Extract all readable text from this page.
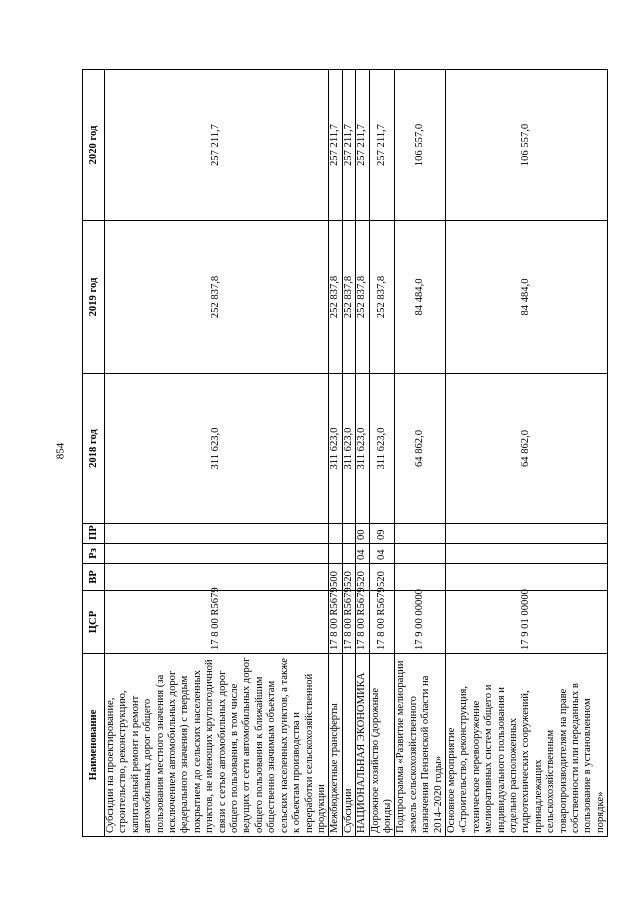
854
Наименование	ЦСР	ВР	Рз	ПР	2018 год	2019 год	2020 год
Субсидии на проектирование, строительство, реконструкцию, капитальный ремонт и ремонт автомобильных дорог общего пользования местного значения (за исключением автомобильных дорог федерального значения) с твердым покрытием до сельских населенных пунктов, не имеющих круглогодичной связи с сетью автомобильных дорог общего пользования, в том числе ведущих от сети автомобильных дорог общего пользования к ближайшим общественно значимым объектам сельских населенных пунктов, а также к объектам производства и переработки сельскохозяйственной продукции	17 8 00 R5679				311 623,0	252 837,8	257 211,7
Межбюджетные трансферты	17 8 00 R5679	500			311 623,0	252 837,8	257 211,7
Субсидии	17 8 00 R5679	520			311 623,0	252 837,8	257 211,7
НАЦИОНАЛЬНАЯ ЭКОНОМИКА	17 8 00 R5679	520	04	00	311 623,0	252 837,8	257 211,7
Дорожное хозяйство (дорожные фонды)	17 8 00 R5679	520	04	09	311 623,0	252 837,8	257 211,7
Подпрограмма «Развитие мелиорации земель сельскохозяйственного назначения Пензенской области на 2014–2020 годы»	17 9 00 00000				64 862,0	84 484,0	106 557,0
Основное мероприятие «Строительство, реконструкция, техническое перевооружение мелиоративных систем общего и индивидуального пользования и отдельно расположенных гидротехнических сооружений, принадлежащих сельскохозяйственным товаропроизводителям на праве собственности или переданных в пользование в установленном порядке»	17 9 01 00000				64 862,0	84 484,0	106 557,0
